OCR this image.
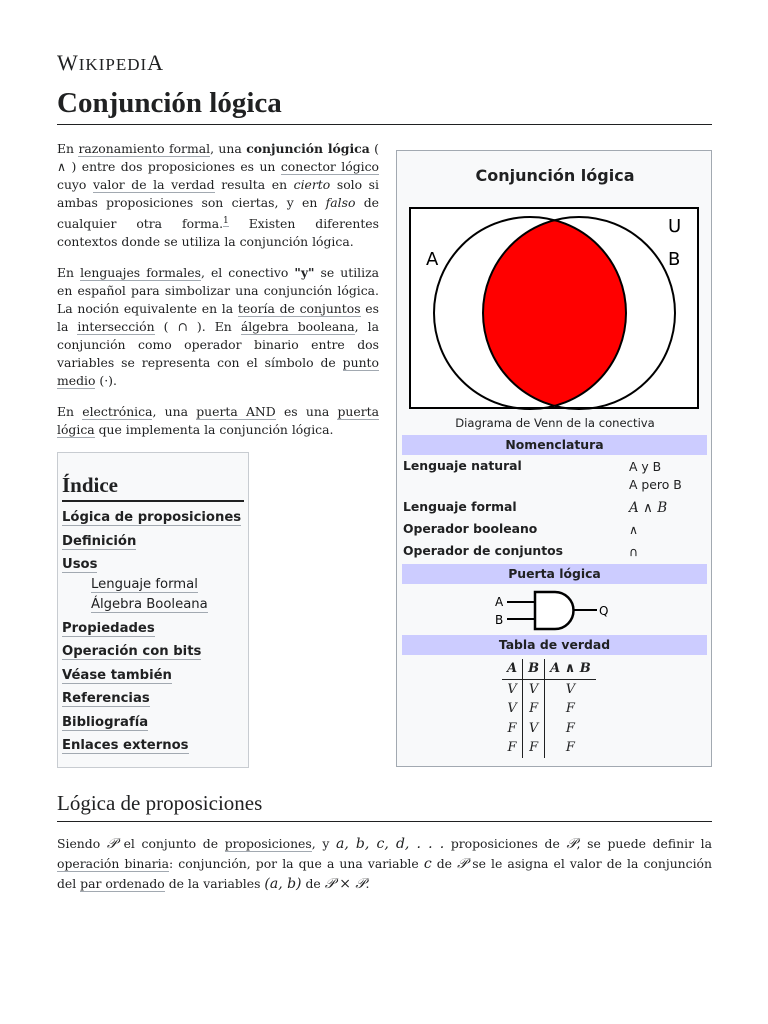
WIKIPEDIA
Conjunción lógica

En razonamiento formal, una conjunción lógica ( ∧ ) entre dos proposiciones es un conector lógico cuyo valor de la verdad resulta en cierto solo si ambas proposiciones son ciertas, y en falso de cualquier otra forma.$^1$ Existen diferentes contextos donde se utiliza la conjunción lógica.

En lenguajes formales, el conectivo "y" se utiliza en español para simbolizar una conjunción lógica. La noción equivalente en la teoría de conjuntos es la intersección ( ∩ ). En álgebra booleana, la conjunción como operador binario entre dos variables se representa con el símbolo de punto medio (·).

En electrónica, una puerta AND es una puerta lógica que implementa la conjunción lógica.

Índice
Lógica de proposiciones
Definición
Usos
Lenguaje formal
Álgebra Booleana
Propiedades
Operación con bits
Véase también
Referencias
Bibliografía
Enlaces externos
Conjunción lógica
A	B
U
Diagrama de Venn de la conectiva
Nomenclatura
Lenguaje natural	A y B
A pero B
Lenguaje formal	A ∧ B
Operador booleano	∧
Operador de conjuntos	∩
Puerta lógica
A
B
Q
Tabla de verdad
A	B	A ∧ B
V	V	V
V	F	F
F	V	F
F	F	F
Lógica de proposiciones
Siendo 𝒫 el conjunto de proposiciones, y a, b, c, d, . . . proposiciones de 𝒫, se puede definir la operación binaria: conjunción, por la que a una variable c de 𝒫 se le asigna el valor de la conjunción del par ordenado de la variables (a, b) de 𝒫 × 𝒫.
